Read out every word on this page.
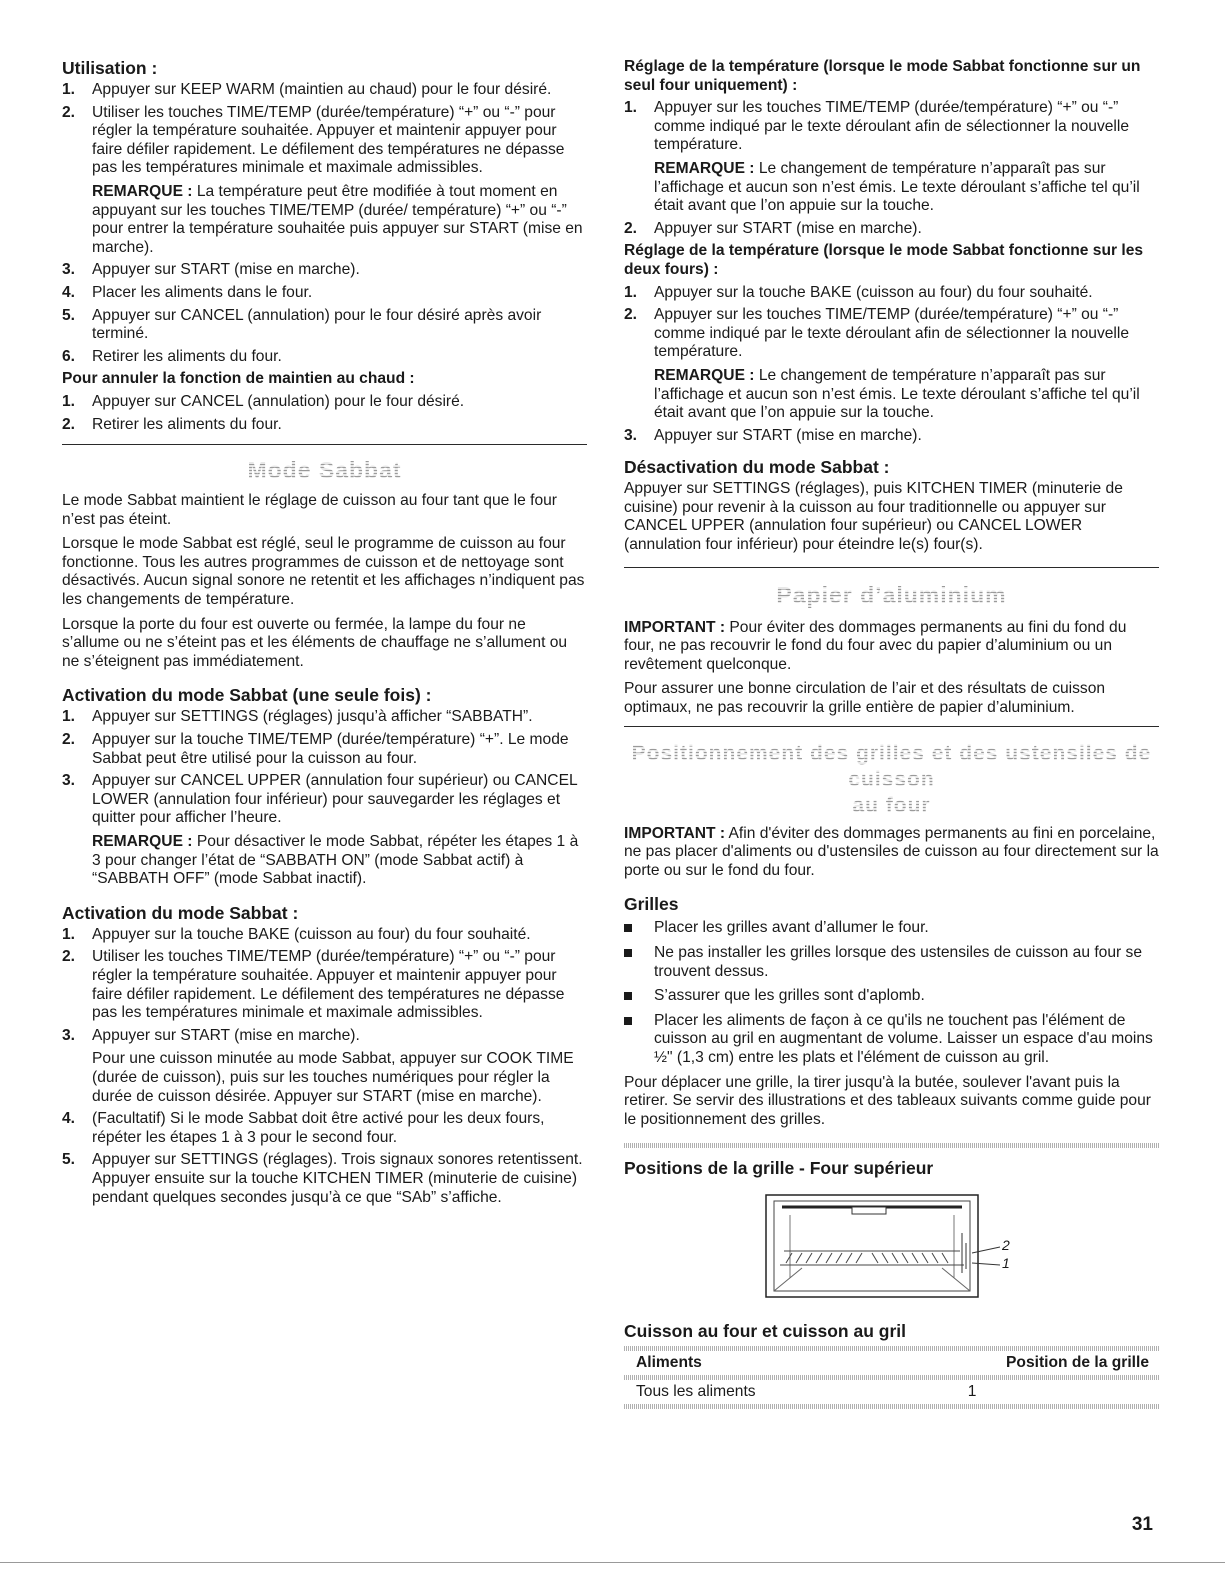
Utilisation :
1. Appuyer sur KEEP WARM (maintien au chaud) pour le four désiré.
2. Utiliser les touches TIME/TEMP (durée/température) “+” ou “-” pour régler la température souhaitée. Appuyer et maintenir appuyer pour faire défiler rapidement. Le défilement des températures ne dépasse pas les températures minimale et maximale admissibles.

REMARQUE : La température peut être modifiée à tout moment en appuyant sur les touches TIME/TEMP (durée/ température) “+” ou “-” pour entrer la température souhaitée puis appuyer sur START (mise en marche).

3. Appuyer sur START (mise en marche).
4. Placer les aliments dans le four.
5. Appuyer sur CANCEL (annulation) pour le four désiré après avoir terminé.
6. Retirer les aliments du four.
Pour annuler la fonction de maintien au chaud :
1. Appuyer sur CANCEL (annulation) pour le four désiré.
2. Retirer les aliments du four.
Mode Sabbat

Le mode Sabbat maintient le réglage de cuisson au four tant que le four n’est pas éteint.

Lorsque le mode Sabbat est réglé, seul le programme de cuisson au four fonctionne. Tous les autres programmes de cuisson et de nettoyage sont désactivés. Aucun signal sonore ne retentit et les affichages n’indiquent pas les changements de température.

Lorsque la porte du four est ouverte ou fermée, la lampe du four ne s’allume ou ne s’éteint pas et les éléments de chauffage ne s’allument ou ne s’éteignent pas immédiatement.

Activation du mode Sabbat (une seule fois) :
1. Appuyer sur SETTINGS (réglages) jusqu’à afficher “SABBATH”.
2. Appuyer sur la touche TIME/TEMP (durée/température) “+”. Le mode Sabbat peut être utilisé pour la cuisson au four.
3. Appuyer sur CANCEL UPPER (annulation four supérieur) ou CANCEL LOWER (annulation four inférieur) pour sauvegarder les réglages et quitter pour afficher l’heure.

REMARQUE : Pour désactiver le mode Sabbat, répéter les étapes 1 à 3 pour changer l’état de “SABBATH ON” (mode Sabbat actif) à “SABBATH OFF” (mode Sabbat inactif).

Activation du mode Sabbat :
1. Appuyer sur la touche BAKE (cuisson au four) du four souhaité.
2. Utiliser les touches TIME/TEMP (durée/température) “+” ou “-” pour régler la température souhaitée. Appuyer et maintenir appuyer pour faire défiler rapidement. Le défilement des températures ne dépasse pas les températures minimale et maximale admissibles.
3. Appuyer sur START (mise en marche).

Pour une cuisson minutée au mode Sabbat, appuyer sur COOK TIME (durée de cuisson), puis sur les touches numériques pour régler la durée de cuisson désirée. Appuyer sur START (mise en marche).

4. (Facultatif) Si le mode Sabbat doit être activé pour les deux fours, répéter les étapes 1 à 3 pour le second four.
5. Appuyer sur SETTINGS (réglages). Trois signaux sonores retentissent. Appuyer ensuite sur la touche KITCHEN TIMER (minuterie de cuisine) pendant quelques secondes jusqu’à ce que “SAb” s’affiche.
Réglage de la température (lorsque le mode Sabbat fonctionne sur un seul four uniquement) :
1. Appuyer sur les touches TIME/TEMP (durée/température) “+” ou “-” comme indiqué par le texte déroulant afin de sélectionner la nouvelle température.

REMARQUE : Le changement de température n’apparaît pas sur l’affichage et aucun son n’est émis. Le texte déroulant s’affiche tel qu’il était avant que l’on appuie sur la touche.

2. Appuyer sur START (mise en marche).
Réglage de la température (lorsque le mode Sabbat fonctionne sur les deux fours) :
1. Appuyer sur la touche BAKE (cuisson au four) du four souhaité.
2. Appuyer sur les touches TIME/TEMP (durée/température) “+” ou “-” comme indiqué par le texte déroulant afin de sélectionner la nouvelle température.

REMARQUE : Le changement de température n’apparaît pas sur l’affichage et aucun son n’est émis. Le texte déroulant s’affiche tel qu’il était avant que l’on appuie sur la touche.

3. Appuyer sur START (mise en marche).
Désactivation du mode Sabbat :

Appuyer sur SETTINGS (réglages), puis KITCHEN TIMER (minuterie de cuisine) pour revenir à la cuisson au four traditionnelle ou appuyer sur CANCEL UPPER (annulation four supérieur) ou CANCEL LOWER (annulation four inférieur) pour éteindre le(s) four(s).

Papier d’aluminium

IMPORTANT : Pour éviter des dommages permanents au fini du fond du four, ne pas recouvrir le fond du four avec du papier d’aluminium ou un revêtement quelconque.

Pour assurer une bonne circulation de l’air et des résultats de cuisson optimaux, ne pas recouvrir la grille entière de papier d’aluminium.

Positionnement des grilles et des ustensiles de cuisson
au four

IMPORTANT : Afin d'éviter des dommages permanents au fini en porcelaine, ne pas placer d'aliments ou d'ustensiles de cuisson au four directement sur la porte ou sur le fond du four.

Grilles
Placer les grilles avant d’allumer le four.
Ne pas installer les grilles lorsque des ustensiles de cuisson au four se trouvent dessus.
S’assurer que les grilles sont d'aplomb.
Placer les aliments de façon à ce qu'ils ne touchent pas l'élément de cuisson au gril en augmentant de volume. Laisser un espace d'au moins ½" (1,3 cm) entre les plats et l'élément de cuisson au gril.

Pour déplacer une grille, la tirer jusqu'à la butée, soulever l'avant puis la retirer. Se servir des illustrations et des tableaux suivants comme guide pour le positionnement des grilles.

Positions de la grille - Four supérieur
2
1
Cuisson au four et cuisson au gril
Aliments	Position de la grille
Tous les aliments	1
31
